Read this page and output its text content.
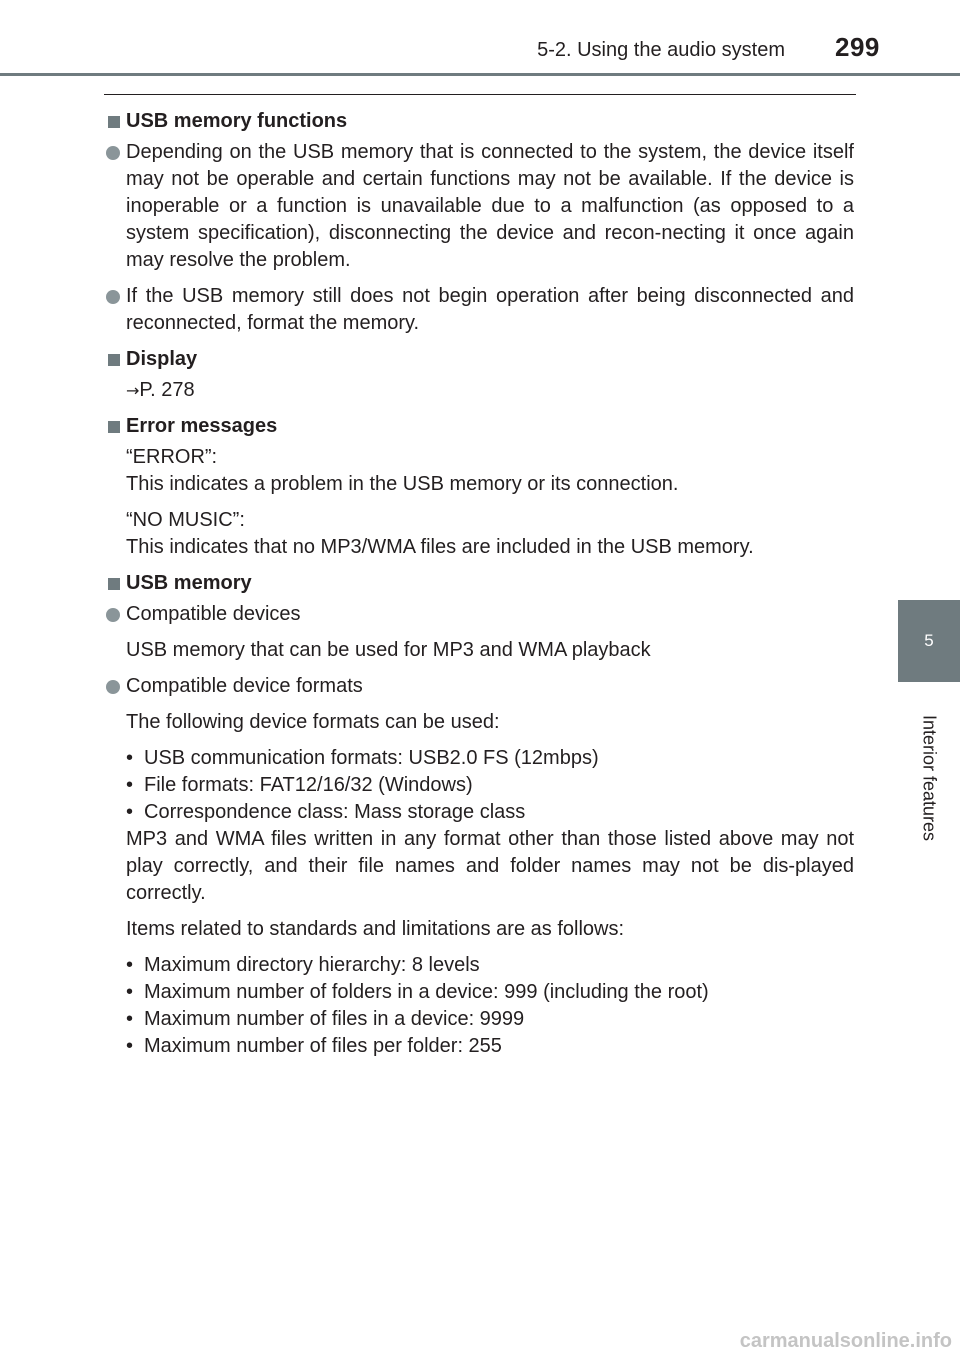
5-2. Using the audio system 299
5
Interior features
USB memory functions
Depending on the USB memory that is connected to the system, the device itself may not be operable and certain functions may not be available. If the device is inoperable or a function is unavailable due to a malfunction (as opposed to a system specification), disconnecting the device and recon-necting it once again may resolve the problem.
If the USB memory still does not begin operation after being disconnected and reconnected, format the memory.
Display
→P. 278
Error messages
“ERROR”:
This indicates a problem in the USB memory or its connection.
“NO MUSIC”:
This indicates that no MP3/WMA files are included in the USB memory.
USB memory
Compatible devices
USB memory that can be used for MP3 and WMA playback
Compatible device formats
The following device formats can be used:
• USB communication formats: USB2.0 FS (12mbps)
• File formats: FAT12/16/32 (Windows)
• Correspondence class: Mass storage class
MP3 and WMA files written in any format other than those listed above may not play correctly, and their file names and folder names may not be dis-played correctly.
Items related to standards and limitations are as follows:
• Maximum directory hierarchy: 8 levels
• Maximum number of folders in a device: 999 (including the root)
• Maximum number of files in a device: 9999
• Maximum number of files per folder: 255
carmanualsonline.info
